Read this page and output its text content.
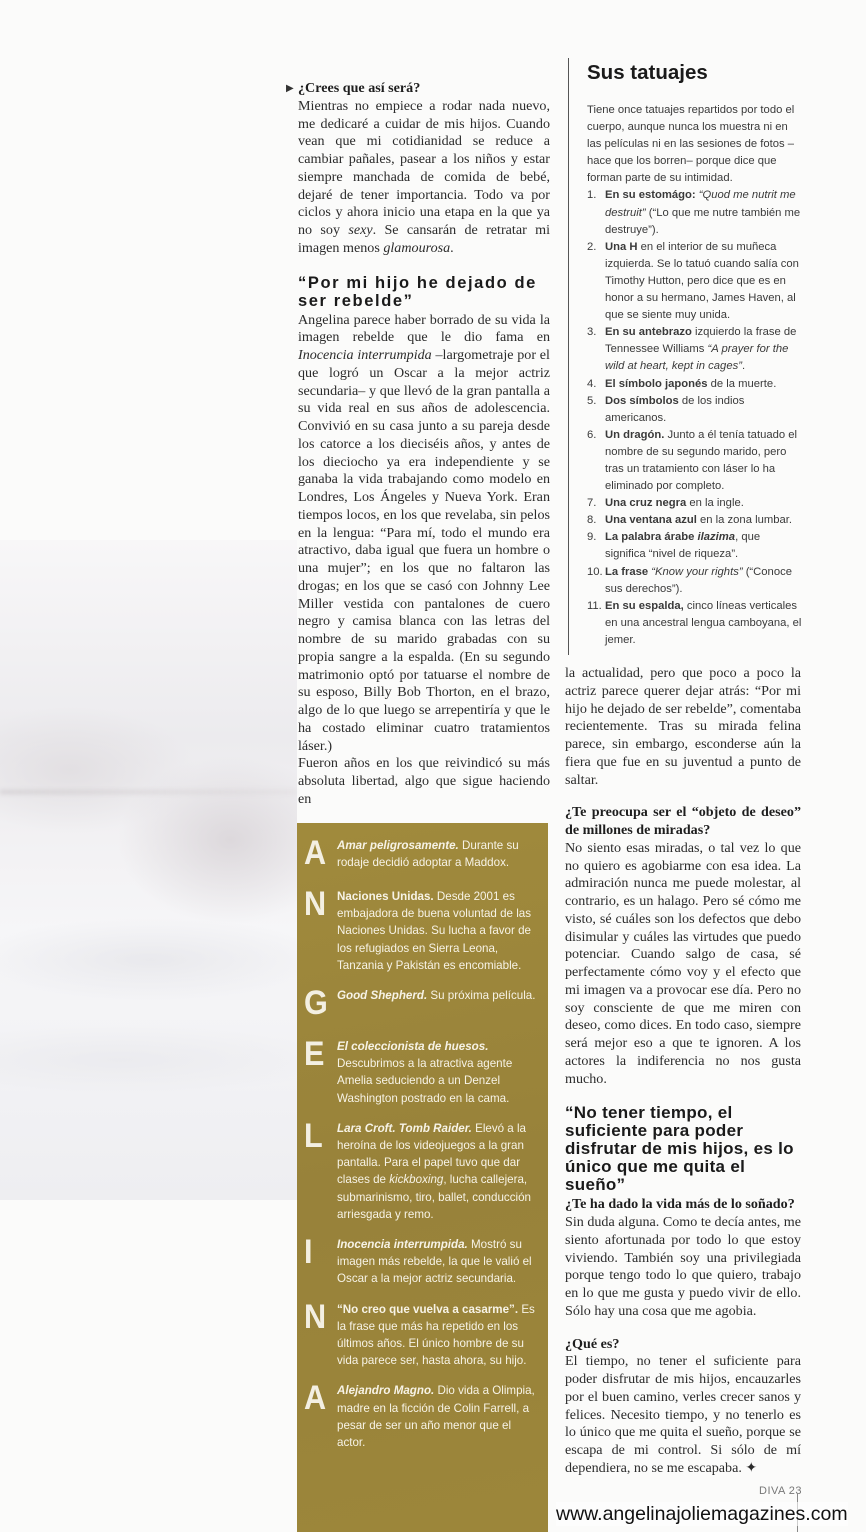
▶ ¿Crees que así será?

Mientras no empiece a rodar nada nuevo, me dedicaré a cuidar de mis hijos. Cuando vean que mi cotidianidad se reduce a cambiar pañales, pasear a los niños y estar siempre manchada de comida de bebé, dejaré de tener importancia. Todo va por ciclos y ahora inicio una etapa en la que ya no soy sexy. Se cansarán de retratar mi imagen menos glamourosa.

“Por mi hijo he dejado de ser rebelde”

Angelina parece haber borrado de su vida la imagen rebelde que le dio fama en Inocencia interrumpida –largometraje por el que logró un Oscar a la mejor actriz secundaria– y que llevó de la gran pantalla a su vida real en sus años de adolescencia. Convivió en su casa junto a su pareja desde los catorce a los dieciséis años, y antes de los dieciocho ya era independiente y se ganaba la vida trabajando como modelo en Londres, Los Ángeles y Nueva York. Eran tiempos locos, en los que revelaba, sin pelos en la lengua: “Para mí, todo el mundo era atractivo, daba igual que fuera un hombre o una mujer”; en los que no faltaron las drogas; en los que se casó con Johnny Lee Miller vestida con pantalones de cuero negro y camisa blanca con las letras del nombre de su marido grabadas con su propia sangre a la espalda. (En su segundo matrimonio optó por tatuarse el nombre de su esposo, Billy Bob Thorton, en el brazo, algo de lo que luego se arrepentiría y que le ha costado eliminar cuatro tratamientos láser.)

Fueron años en los que reivindicó su más absoluta libertad, algo que sigue haciendo en

Sus tatuajes
Tiene once tatuajes repartidos por todo el cuerpo, aunque nunca los muestra ni en las películas ni en las sesiones de fotos –hace que los borren– porque dice que forman parte de su intimidad.
1. En su estomágo: “Quod me nutrit me destruit” (“Lo que me nutre también me destruye”).
2. Una H en el interior de su muñeca izquierda. Se lo tatuó cuando salía con Timothy Hutton, pero dice que es en honor a su hermano, James Haven, al que se siente muy unida.
3. En su antebrazo izquierdo la frase de Tennessee Williams “A prayer for the wild at heart, kept in cages”.
4. El símbolo japonés de la muerte.
5. Dos símbolos de los indios americanos.
6. Un dragón. Junto a él tenía tatuado el nombre de su segundo marido, pero tras un tratamiento con láser lo ha eliminado por completo.
7. Una cruz negra en la ingle.
8. Una ventana azul en la zona lumbar.
9. La palabra árabe ilazima, que significa “nivel de riqueza”.
10. La frase “Know your rights” (“Conoce sus derechos”).
11. En su espalda, cinco líneas verticales en una ancestral lengua camboyana, el jemer.
A Amar peligrosamente. Durante su rodaje decidió adoptar a Maddox.
N Naciones Unidas. Desde 2001 es embajadora de buena voluntad de las Naciones Unidas. Su lucha a favor de los refugiados en Sierra Leona, Tanzania y Pakistán es encomiable.
G Good Shepherd. Su próxima película.
E El coleccionista de huesos. Descubrimos a la atractiva agente Amelia seduciendo a un Denzel Washington postrado en la cama.
L Lara Croft. Tomb Raider. Elevó a la heroína de los videojuegos a la gran pantalla. Para el papel tuvo que dar clases de kickboxing, lucha callejera, submarinismo, tiro, ballet, conducción arriesgada y remo.
I Inocencia interrumpida. Mostró su imagen más rebelde, la que le valió el Oscar a la mejor actriz secundaria.
N “No creo que vuelva a casarme”. Es la frase que más ha repetido en los últimos años. El único hombre de su vida parece ser, hasta ahora, su hijo.
A Alejandro Magno. Dio vida a Olimpia, madre en la ficción de Colin Farrell, a pesar de ser un año menor que el actor.

la actualidad, pero que poco a poco la actriz parece querer dejar atrás: “Por mi hijo he dejado de ser rebelde”, comentaba recientemente. Tras su mirada felina parece, sin embargo, esconderse aún la fiera que fue en su juventud a punto de saltar.

¿Te preocupa ser el “objeto de deseo” de millones de miradas?

No siento esas miradas, o tal vez lo que no quiero es agobiarme con esa idea. La admiración nunca me puede molestar, al contrario, es un halago. Pero sé cómo me visto, sé cuáles son los defectos que debo disimular y cuáles las virtudes que puedo potenciar. Cuando salgo de casa, sé perfectamente cómo voy y el efecto que mi imagen va a provocar ese día. Pero no soy consciente de que me miren con deseo, como dices. En todo caso, siempre será mejor eso a que te ignoren. A los actores la indiferencia no nos gusta mucho.

“No tener tiempo, el suficiente para poder disfrutar de mis hijos, es lo único que me quita el sueño”

¿Te ha dado la vida más de lo soñado?

Sin duda alguna. Como te decía antes, me siento afortunada por todo lo que estoy viviendo. También soy una privilegiada porque tengo todo lo que quiero, trabajo en lo que me gusta y puedo vivir de ello. Sólo hay una cosa que me agobia.

¿Qué es?

El tiempo, no tener el suficiente para poder disfrutar de mis hijos, encauzarles por el buen camino, verles crecer sanos y felices. Necesito tiempo, y no tenerlo es lo único que me quita el sueño, porque se escapa de mi control. Si sólo de mí dependiera, no se me escapaba. ✦

DIVA 23
www.angelinajoliemagazines.com
